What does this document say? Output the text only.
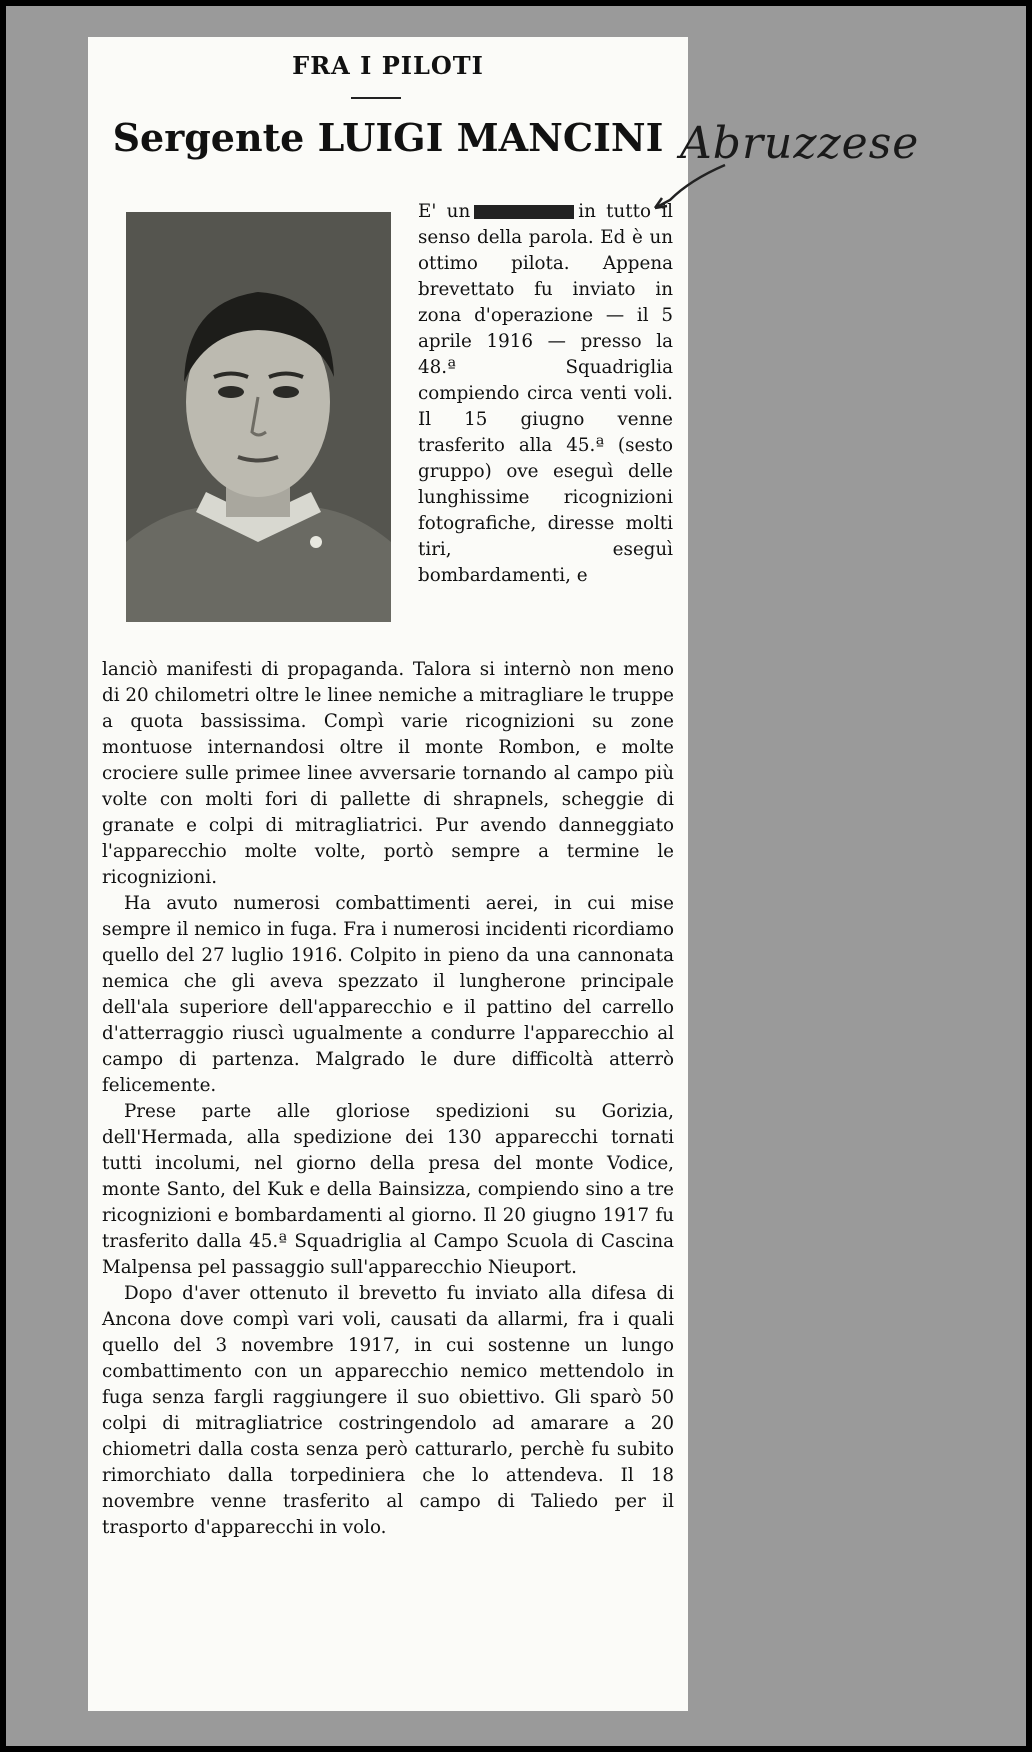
FRA I PILOTI
Sergente LUIGI MANCINI

E' un	in tutto il senso della parola. Ed è un ottimo pilota. Appena brevettato fu inviato in zona d'operazione — il 5 aprile 1916 — presso la 48.ª Squadriglia compiendo circa venti voli. Il 15 giugno venne trasferito alla 45.ª (sesto gruppo) ove eseguì delle lunghissime ricognizioni fotografiche, diresse molti tiri, eseguì bombardamenti, e

lanciò manifesti di propaganda. Talora si internò non meno di 20 chilometri oltre le linee nemiche a mitragliare le truppe a quota bassissima. Compì varie ricognizioni su zone montuose internandosi oltre il monte Rombon, e molte crociere sulle primee linee avversarie tornando al campo più volte con molti fori di pallette di shrapnels, scheggie di granate e colpi di mitragliatrici. Pur avendo danneggiato l'apparecchio molte volte, portò sempre a termine le ricognizioni.

Ha avuto numerosi combattimenti aerei, in cui mise sempre il nemico in fuga. Fra i numerosi incidenti ricordiamo quello del 27 luglio 1916. Colpito in pieno da una cannonata nemica che gli aveva spezzato il lungherone principale dell'ala superiore dell'apparecchio e il pattino del carrello d'atterraggio riuscì ugualmente a condurre l'apparecchio al campo di partenza. Malgrado le dure difficoltà atterrò felicemente.

Prese parte alle gloriose spedizioni su Gorizia, dell'Hermada, alla spedizione dei 130 apparecchi tornati tutti incolumi, nel giorno della presa del monte Vodice, monte Santo, del Kuk e della Bainsizza, compiendo sino a tre ricognizioni e bombardamenti al giorno. Il 20 giugno 1917 fu trasferito dalla 45.ª Squadriglia al Campo Scuola di Cascina Malpensa pel passaggio sull'apparecchio Nieuport.

Dopo d'aver ottenuto il brevetto fu inviato alla difesa di Ancona dove compì vari voli, causati da allarmi, fra i quali quello del 3 novembre 1917, in cui sostenne un lungo combattimento con un apparecchio nemico mettendolo in fuga senza fargli raggiungere il suo obiettivo. Gli sparò 50 colpi di mitragliatrice costringendolo ad amarare a 20 chiometri dalla costa senza però catturarlo, perchè fu subito rimorchiato dalla torpediniera che lo attendeva. Il 18 novembre venne trasferito al campo di Taliedo per il trasporto d'apparecchi in volo.

Abruzzese
